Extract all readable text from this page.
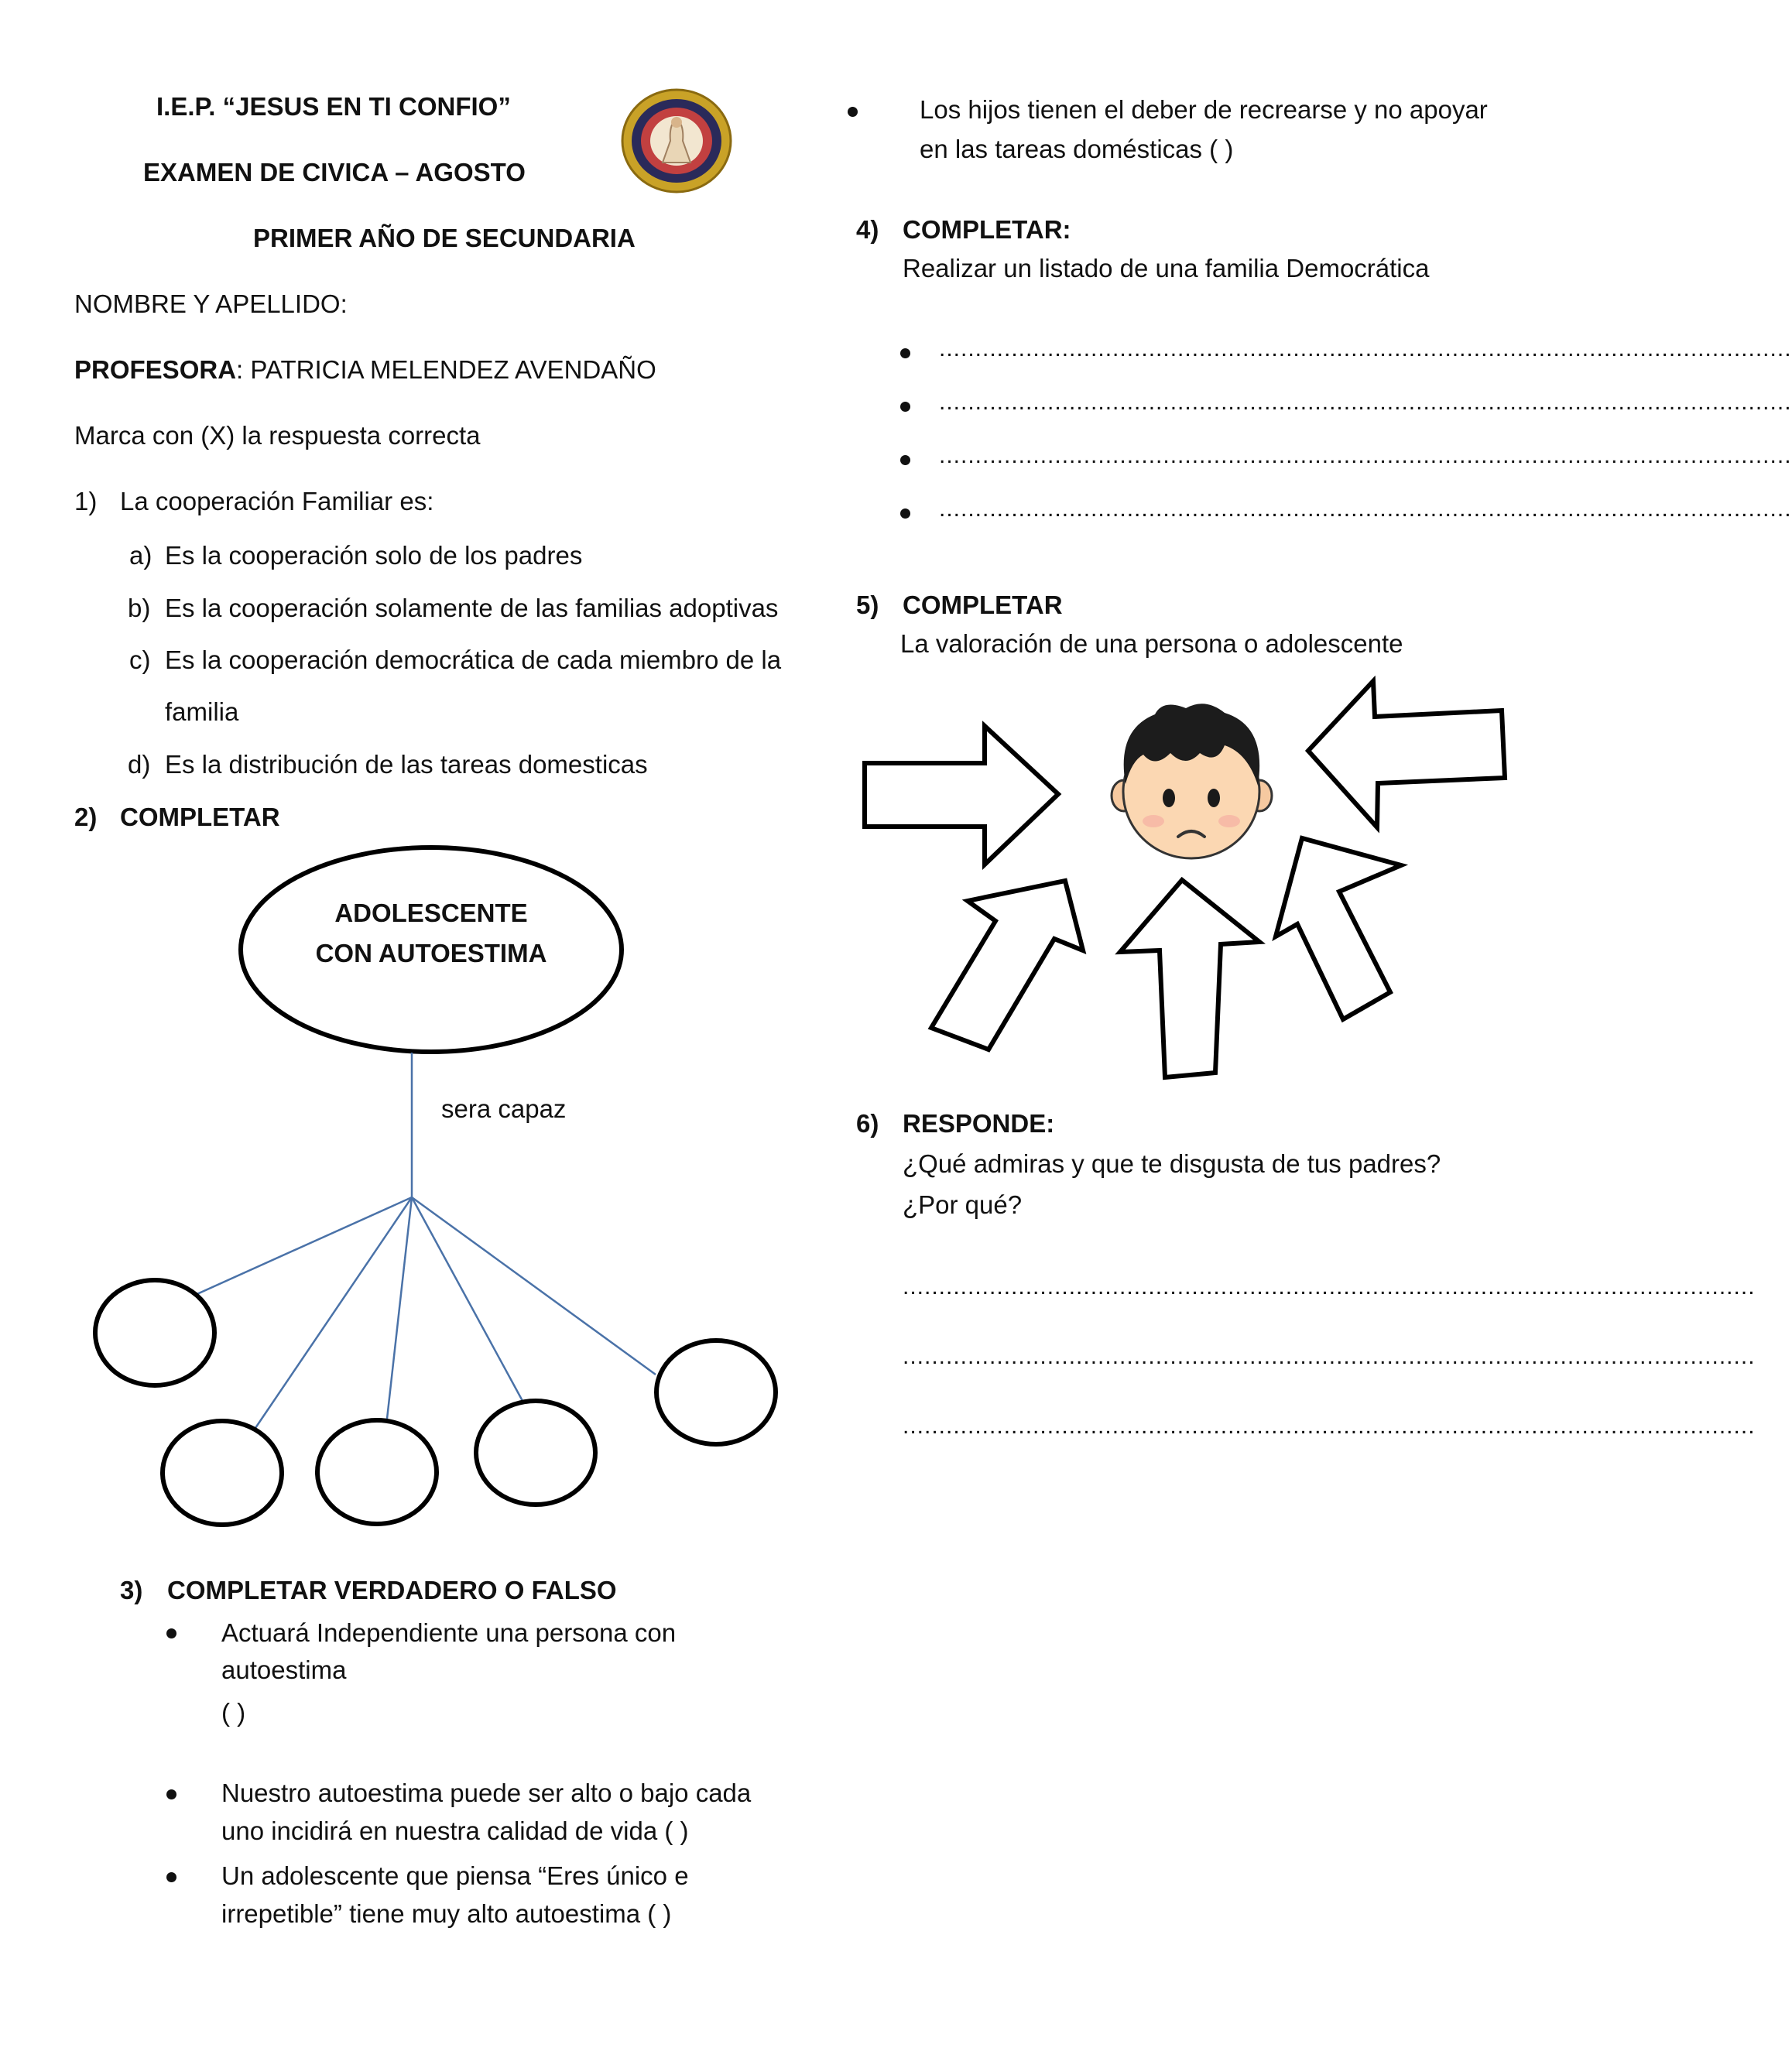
I.E.P. “JESUS EN TI CONFIO”
EXAMEN DE CIVICA – AGOSTO
PRIMER AÑO DE SECUNDARIA
NOMBRE Y APELLIDO:
PROFESORA: PATRICIA MELENDEZ AVENDAÑO
Marca con (X) la respuesta correcta
1) La cooperación Familiar es:
a) Es la cooperación solo de los padres
b) Es la cooperación solamente de las familias adoptivas
c) Es la cooperación democrática de cada miembro de la
familia
d) Es la distribución de las tareas domesticas
2) COMPLETAR
ADOLESCENTE
CON AUTOESTIMA
sera capaz
3) COMPLETAR VERDADERO O FALSO
Actuará Independiente una persona con
autoestima
( )
Nuestro autoestima puede ser alto o bajo cada
uno incidirá en nuestra calidad de vida ( )
Un adolescente que piensa “Eres único e
irrepetible” tiene muy alto autoestima ( )
Los hijos tienen el deber de recrearse y no apoyar
en las tareas domésticas ( )
4) COMPLETAR:
Realizar un listado de una familia Democrática
......................................................................................................................
......................................................................................................................
......................................................................................................................
......................................................................................................................
5) COMPLETAR
La valoración de una persona o adolescente
6) RESPONDE:
¿Qué admiras y que te disgusta de tus padres?
¿Por qué?
......................................................................................................................
......................................................................................................................
......................................................................................................................
